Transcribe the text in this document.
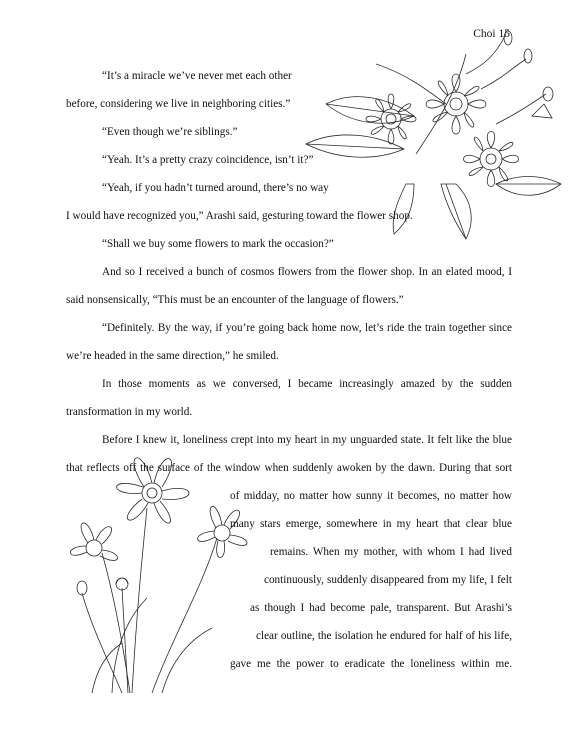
Choi 15
“It’s a miracle we’ve never met each other
before, considering we live in neighboring cities.”
“Even though we’re siblings.”
“Yeah. It’s a pretty crazy coincidence, isn’t it?”
“Yeah, if you hadn’t turned around, there’s no way
I would have recognized you,” Arashi said, gesturing toward the flower shop.
“Shall we buy some flowers to mark the occasion?”
And so I received a bunch of cosmos flowers from the flower shop. In an elated mood, I
said nonsensically, “This must be an encounter of the language of flowers.”
“Definitely. By the way, if you’re going back home now, let’s ride the train together since
we’re headed in the same direction,” he smiled.
In those moments as we conversed, I became increasingly amazed by the sudden
transformation in my world.
Before I knew it, loneliness crept into my heart in my unguarded state. It felt like the blue
that reflects off the surface of the window when suddenly awoken by the dawn. During that sort
of midday, no matter how sunny it becomes, no matter how
many stars emerge, somewhere in my heart that clear blue
remains. When my mother, with whom I had lived
continuously, suddenly disappeared from my life, I felt
as though I had become pale, transparent. But Arashi’s
clear outline, the isolation he endured for half of his life,
gave me the power to eradicate the loneliness within me.
